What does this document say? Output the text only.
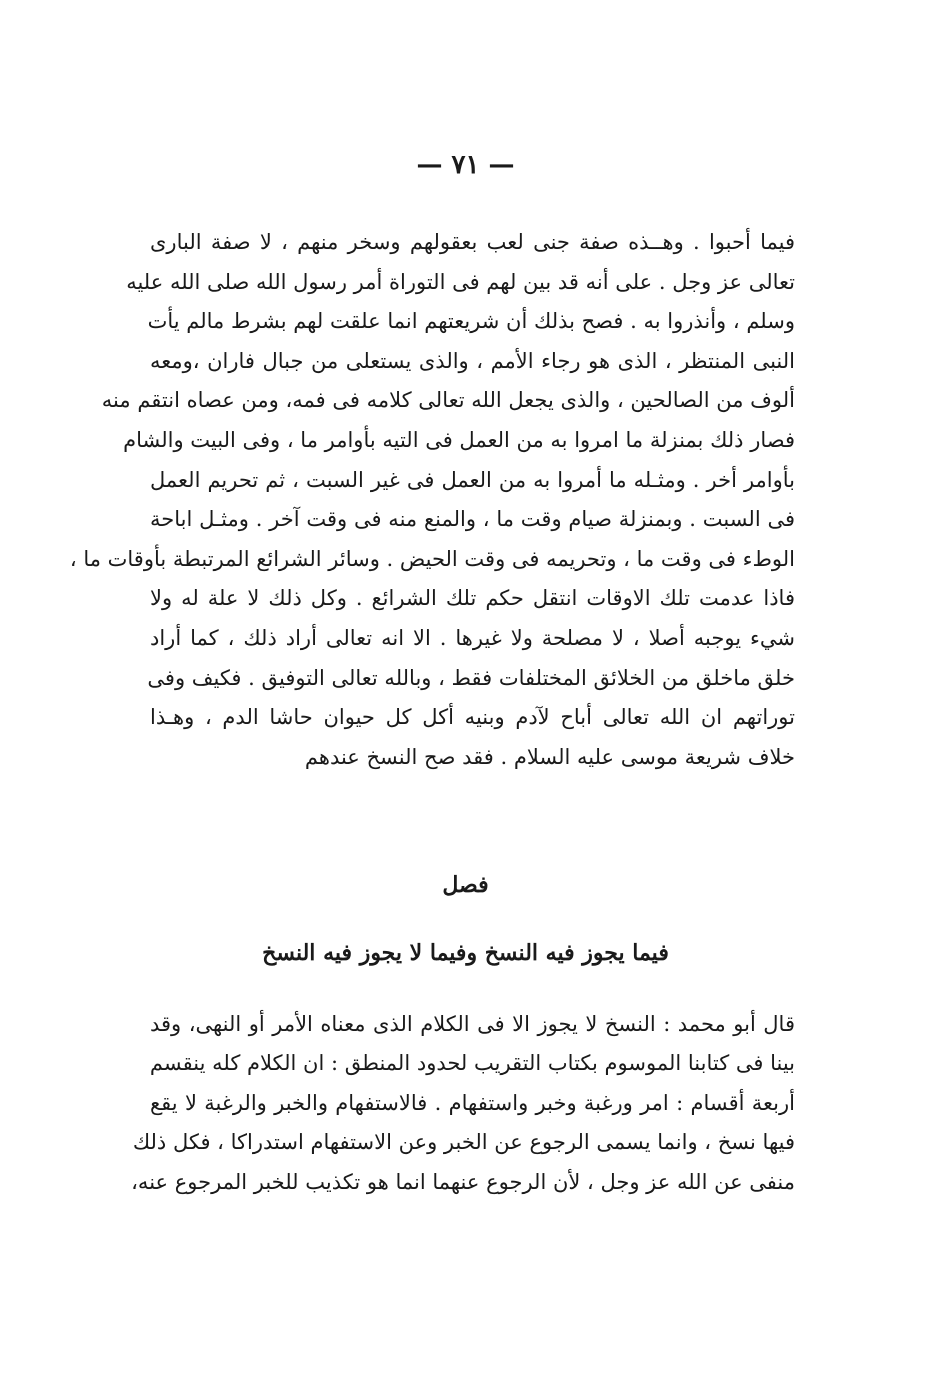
— ٧١ —
فيما أحبوا . وهــذه صفة جنى لعب بعقولهم وسخر منهم ، لا صفة البارى
تعالى عز وجل . على أنه قد بين لهم فى التوراة أمر رسول الله صلى الله عليه
وسلم ، وأنذروا به . فصح بذلك أن شريعتهم انما علقت لهم بشرط مالم يأت
النبى المنتظر ، الذى هو رجاء الأمم ، والذى يستعلى من جبال فاران ،ومعه
ألوف من الصالحين ، والذى يجعل الله تعالى كلامه فى فمه، ومن عصاه انتقم منه
فصار ذلك بمنزلة ما امروا به من العمل فى التيه بأوامر ما ، وفى البيت والشام
بأوامر أخر . ومثـله ما أمروا به من العمل فى غير السبت ، ثم تحريم العمل
فى السبت . وبمنزلة صيام وقت ما ، والمنع منه فى وقت آخر . ومثـل اباحة
الوطء فى وقت ما ، وتحريمه فى وقت الحيض . وسائر الشرائع المرتبطة بأوقات ما ،
فاذا عدمت تلك الاوقات انتقل حكم تلك الشرائع . وكل ذلك لا علة له ولا
شيء يوجبه أصلا ، لا مصلحة ولا غيرها . الا انه تعالى أراد ذلك ، كما أراد
خلق ماخلق من الخلائق المختلفات فقط ، وبالله تعالى التوفيق . فكيف وفى
توراتهم ان الله تعالى أباح لآدم وبنيه أكل كل حيوان حاشا الدم ، وهـذا
خلاف شريعة موسى عليه السلام . فقد صح النسخ عندهم
فصل
فيما يجوز فيه النسخ وفيما لا يجوز فيه النسخ
قال أبو محمد : النسخ لا يجوز الا فى الكلام الذى معناه الأمر أو النهى، وقد
بينا فى كتابنا الموسوم بكتاب التقريب لحدود المنطق : ان الكلام كله ينقسم
أربعة أقسام : امر ورغبة وخبر واستفهام . فالاستفهام والخبر والرغبة لا يقع
فيها نسخ ، وانما يسمى الرجوع عن الخبر وعن الاستفهام استدراكا ، فكل ذلك
منفى عن الله عز وجل ، لأن الرجوع عنهما انما هو تكذيب للخبر المرجوع عنه،
